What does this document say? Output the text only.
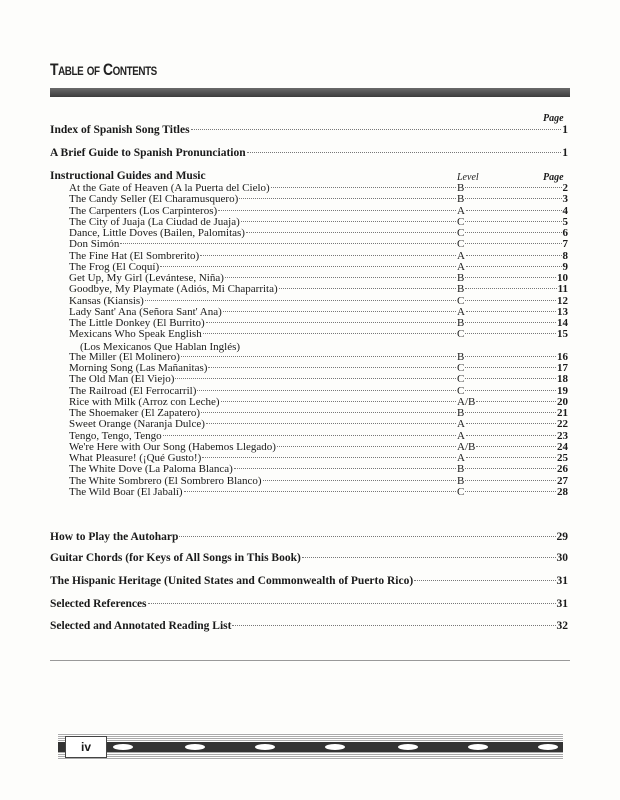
Table of Contents
Page
Index of Spanish Song Titles	1
A Brief Guide to Spanish Pronunciation	1
Instructional Guides and Music	Level	Page
At the Gate of Heaven (A la Puerta del Cielo)	B	2
The Candy Seller (El Charamusquero)	B	3
The Carpenters (Los Carpinteros)	A	4
The City of Juaja (La Ciudad de Juaja)	C	5
Dance, Little Doves (Bailen, Palomitas)	C	6
Don Simón	C	7
The Fine Hat (El Sombrerito)	A	8
The Frog (El Coquí)	A	9
Get Up, My Girl (Levántese, Niña)	B	10
Goodbye, My Playmate (Adiós, Mi Chaparrita)	B	11
Kansas (Kiansis)	C	12
Lady Sant' Ana (Señora Sant' Ana)	A	13
The Little Donkey (El Burrito)	B	14
Mexicans Who Speak English	C	15
(Los Mexicanos Que Hablan Inglés)
The Miller (El Molinero)	B	16
Morning Song (Las Mañanitas)	C	17
The Old Man (El Viejo)	C	18
The Railroad (El Ferrocarril)	C	19
Rice with Milk (Arroz con Leche)	A/B	20
The Shoemaker (El Zapatero)	B	21
Sweet Orange (Naranja Dulce)	A	22
Tengo, Tengo, Tengo	A	23
We're Here with Our Song (Habemos Llegado)	A/B	24
What Pleasure! (¡Qué Gusto!)	A	25
The White Dove (La Paloma Blanca)	B	26
The White Sombrero (El Sombrero Blanco)	B	27
The Wild Boar (El Jabalí)	C	28
How to Play the Autoharp	29
Guitar Chords (for Keys of All Songs in This Book)	30
The Hispanic Heritage (United States and Commonwealth of Puerto Rico)	31
Selected References	31
Selected and Annotated Reading List	32
iv
